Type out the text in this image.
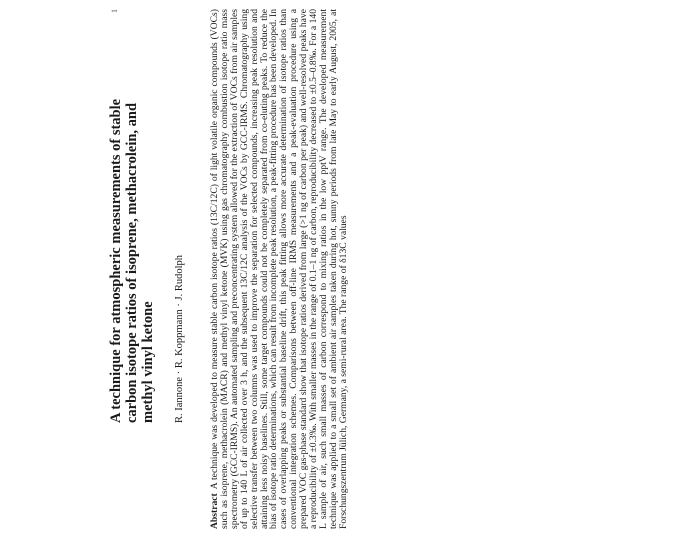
A technique for atmospheric measurements of stable carbon isotope ratios of isoprene, methacrolein, and methyl vinyl ketone R. Iannone · R. Koppmann · J. Rudolph

AbstractA technique was developed to measure stable carbon isotope ratios (13C/12C) of light volatile organic compounds (VOCs) such as isoprene, methacrolein (MACR) and methyl vinyl ketone (MVK) using gas chromatography combustion isotope ratio mass spectrometry (GCC-IRMS). An automated sampling and preconcentrating system allowed for the extraction of VOCs from air samples of up to 140 L of air collected over 3 h, and the subsequent 13C/12C analysis of the VOCs by GCC-IRMS. Chromatography using selective transfer between two columns was used to improve the separation for selected compounds, increasing peak resolution and attaining less noisy baselines. Still, some target compounds could not be completely separated from co-eluting peaks. To reduce the bias of isotope ratio determinations, which can result from incomplete peak resolution, a peak-fitting procedure has been developed. In cases of overlapping peaks or substantial baseline drift, this peak fitting allows more accurate determination of isotope ratios than conventional integration schemes. Comparisons between off-line IRMS measurements and a peak-evaluation procedure using a prepared VOC gas-phase standard show that isotope ratios derived from large (>1 ng of carbon per peak) and well-resolved peaks have a reproducibility of ±0.3‰. With smaller masses in the range of 0.1–1 ng of carbon, reproducibility decreased to ±0.5–0.8‰. For a 140 L sample of air, such small masses of carbon correspond to mixing ratios in the low pptV range. The developed measurement technique was applied to a small set of ambient air samples taken during hot, sunny periods from late May to early August, 2005, at Forschungszentrum Jülich, Germany, a semi-rural area. The range of δ13C values

1
